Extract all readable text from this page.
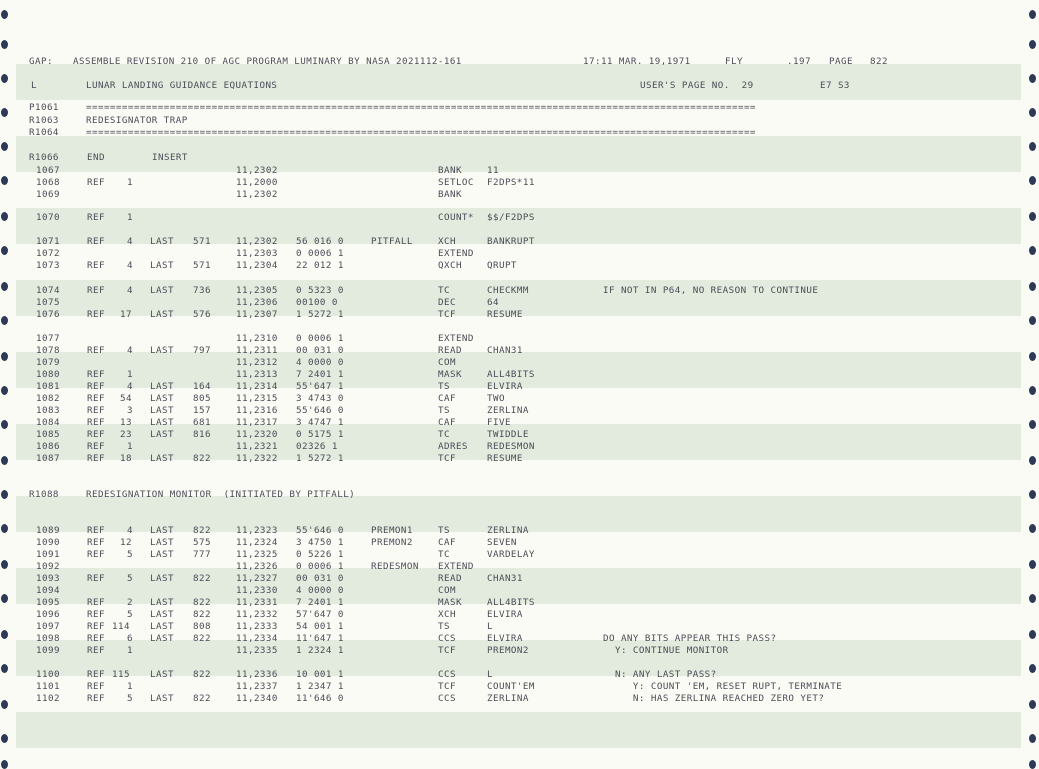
GAP:

ASSEMBLE REVISION 210 OF AGC PROGRAM LUMINARY BY NASA 2021112-161

	17:11 MAR. 19,1971

	FLY

	.197

PAGE

822

L

	LUNAR LANDING GUIDANCE EQUATIONS

	USER'S PAGE NO.  29

	E7 S3

P1061

	================================================================================================================

R1063

	REDESIGNATOR TRAP

R1064

	================================================================================================================

R1066	END	INSERT
1067	11,2302	BANK	11
1068	REF 1	11,2000	SETLOC F2DPS*11
1069	11,2302	BANK
1070	REF 1	COUNT* $$/F2DPS
1071	REF 4 LAST 571	11,2302 56 016 0	PITFALL	XCH	BANKRUPT
1072	11,2303 0 0006 1	EXTEND
1073	REF 4 LAST 571	11,2304 22 012 1	QXCH	QRUPT
1074	REF 4 LAST 736	11,2305 0 5323 0	TC	CHECKMM	IF NOT IN P64, NO REASON TO CONTINUE
1075	11,2306 00100 0	DEC	64
1076	REF 17 LAST 576	11,2307 1 5272 1	TCF	RESUME
1077	11,2310 0 0006 1	EXTEND
1078	REF 4 LAST 797	11,2311 00 031 0	READ	CHAN31
1079	11,2312 4 0000 0	COM
1080	REF 1	11,2313 7 2401 1	MASK	ALL4BITS
1081	REF 4 LAST 164	11,2314 55'647 1	TS	ELVIRA
1082	REF 54 LAST 805	11,2315 3 4743 0	CAF	TWO
1083	REF 3 LAST 157	11,2316 55'646 0	TS	ZERLINA
1084	REF 13 LAST 681	11,2317 3 4747 1	CAF	FIVE
1085	REF 23 LAST 816	11,2320 0 5175 1	TC	TWIDDLE
1086	REF 1	11,2321 02326 1	ADRES REDESMON
1087	REF 18 LAST 822	11,2322 1 5272 1	TCF	RESUME
R1088	REDESIGNATION MONITOR  (INITIATED BY PITFALL)
1089	REF 4 LAST 822	11,2323 55'646 0	PREMON1	TS	ZERLINA
1090	REF 12 LAST 575	11,2324 3 4750 1	PREMON2	CAF	SEVEN
1091	REF 5 LAST 777	11,2325 0 5226 1	TC	VARDELAY
1092	11,2326 0 0006 1	REDESMON EXTEND
1093	REF 5 LAST 822	11,2327 00 031 0	READ	CHAN31
1094	11,2330 4 0000 0	COM
1095	REF 2 LAST 822	11,2331 7 2401 1	MASK	ALL4BITS
1096	REF 5 LAST 822	11,2332 57'647 0	XCH	ELVIRA
1097	REF 114 LAST 808	11,2333 54 001 1	TS	L
1098	REF 6 LAST 822	11,2334 11'647 1	CCS	ELVIRA	DO ANY BITS APPEAR THIS PASS?
1099	REF 1	11,2335 1 2324 1	TCF	PREMON2	Y: CONTINUE MONITOR
1100	REF 115 LAST 822	11,2336 10 001 1	CCS	L	N: ANY LAST PASS?
1101	REF 1	11,2337 1 2347 1	TCF	COUNT'EM	Y: COUNT 'EM, RESET RUPT, TERMINATE
1102	REF 5 LAST 822	11,2340 11'646 0	CCS	ZERLINA	N: HAS ZERLINA REACHED ZERO YET?
